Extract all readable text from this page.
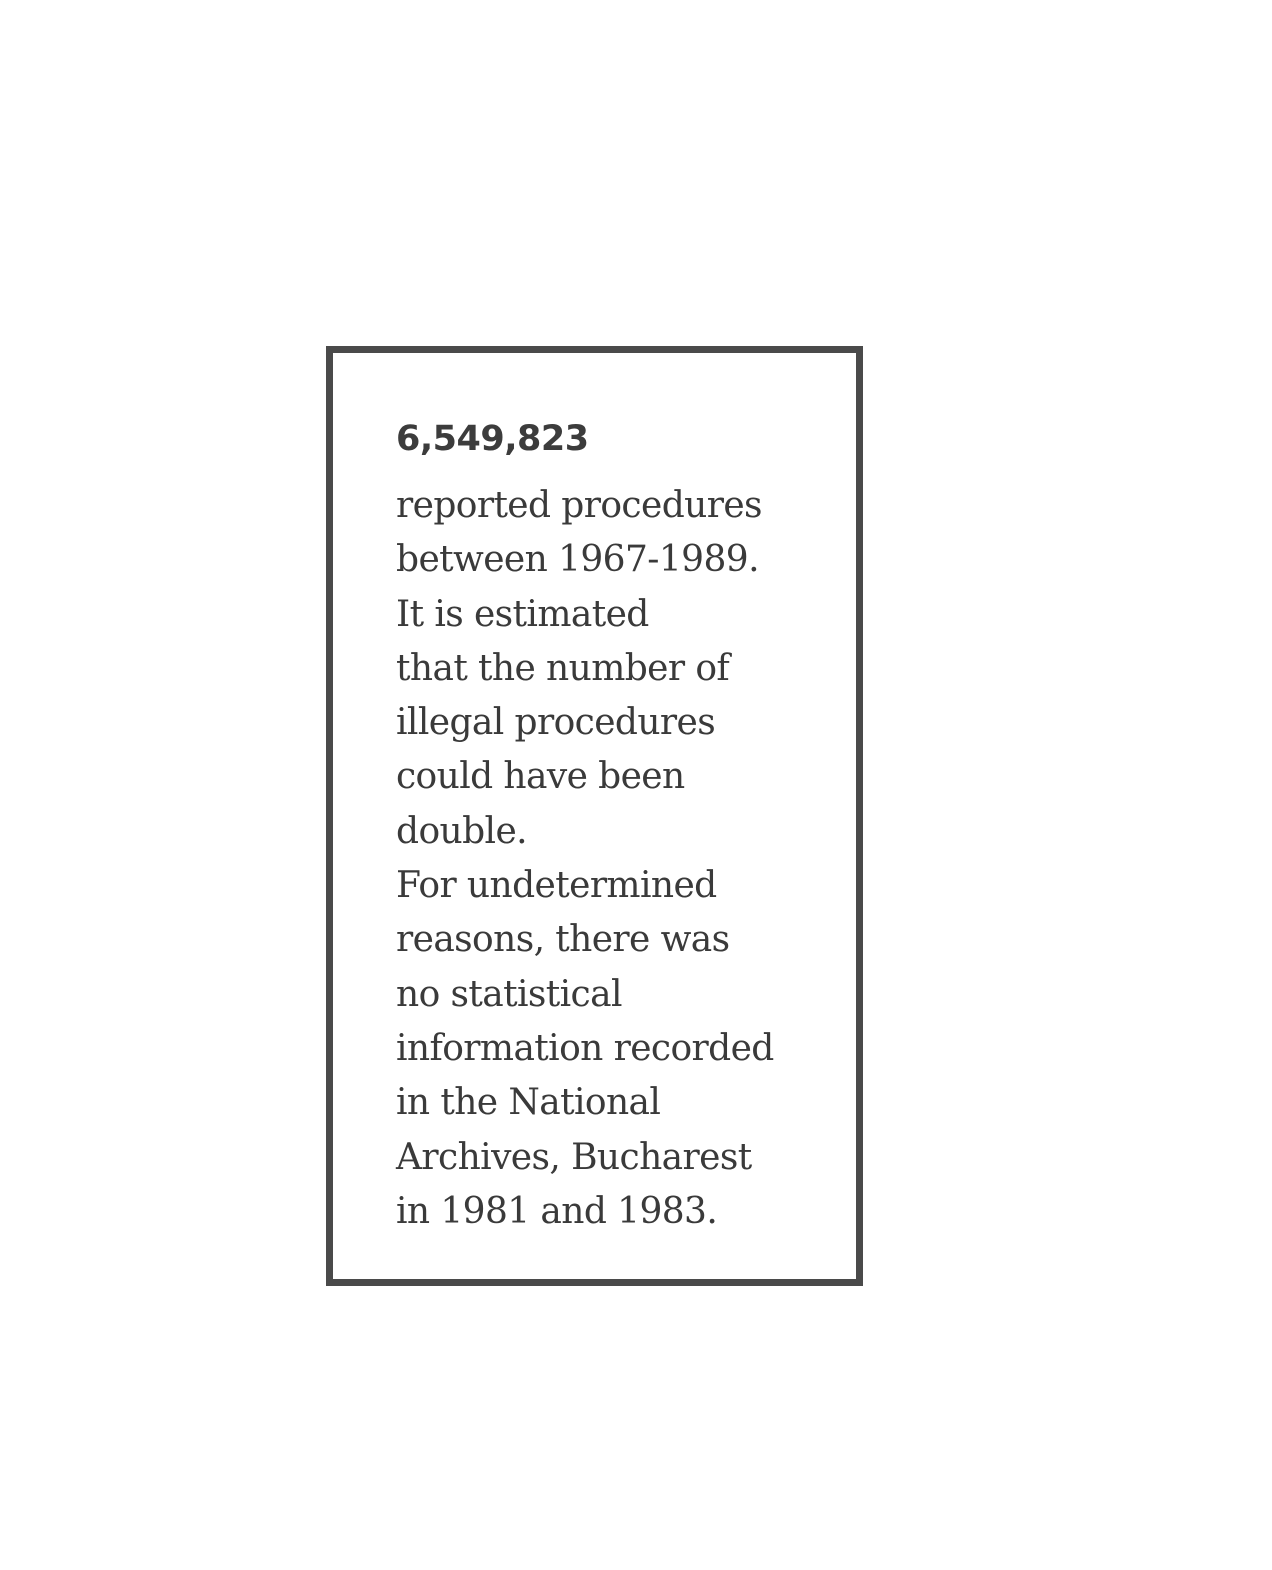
6,549,823

reported procedures
between 1967-1989.
It is estimated
that the number of
illegal procedures
could have been
double.
For undetermined
reasons, there was
no statistical
information recorded
in the National
Archives, Bucharest
in 1981 and 1983.
